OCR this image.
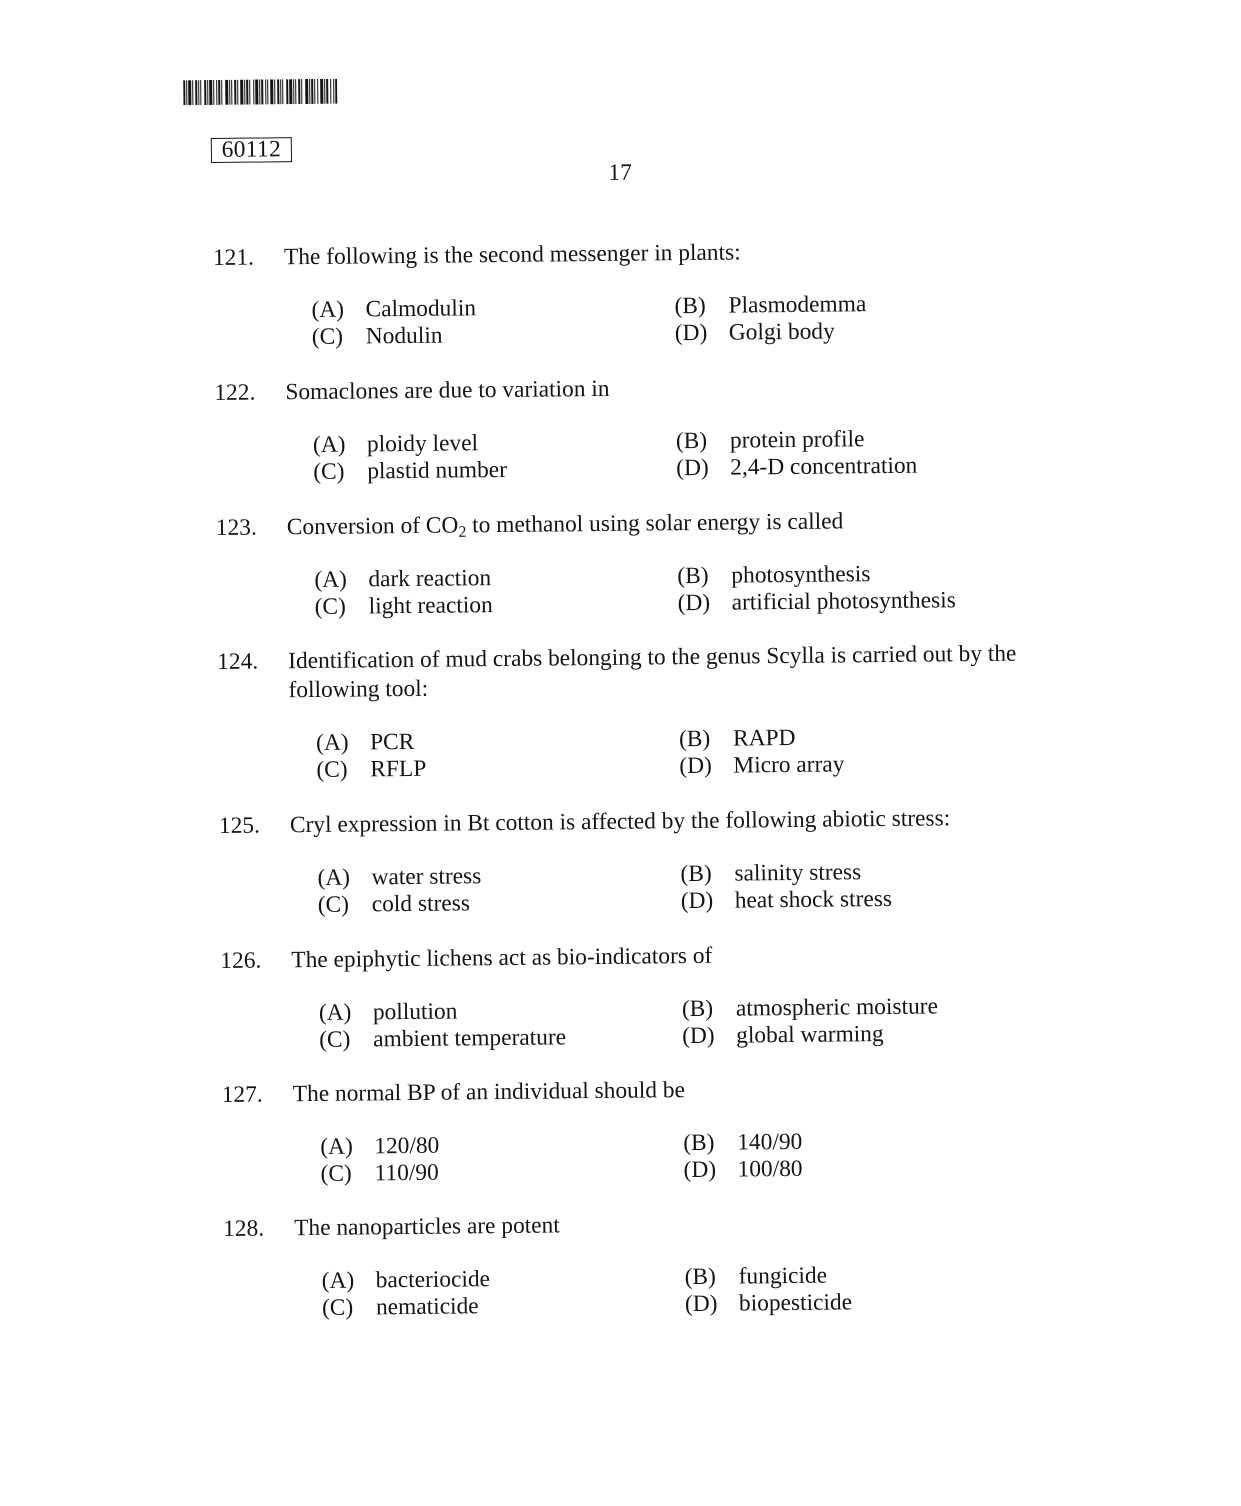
60112
17
121. The following is the second messenger in plants:
(A) Calmodulin	(B) Plasmodemma
(C) Nodulin	(D) Golgi body
122. Somaclones are due to variation in
(A) ploidy level	(B) protein profile
(C) plastid number	(D) 2,4-D concentration
123. Conversion of $CO_2$ to methanol using solar energy is called
(A) dark reaction	(B) photosynthesis
(C) light reaction	(D) artificial photosynthesis
124. Identification of mud crabs belonging to the genus Scylla is carried out by the
following tool:
(A) PCR	(B) RAPD
(C) RFLP	(D) Micro array
125. Cryl expression in Bt cotton is affected by the following abiotic stress:
(A) water stress	(B) salinity stress
(C) cold stress	(D) heat shock stress
126. The epiphytic lichens act as bio-indicators of
(A) pollution	(B) atmospheric moisture
(C) ambient temperature	(D) global warming
127. The normal BP of an individual should be
(A) 120/80	(B) 140/90
(C) 110/90	(D) 100/80
128. The nanoparticles are potent
(A) bacteriocide	(B) fungicide
(C) nematicide	(D) biopesticide
